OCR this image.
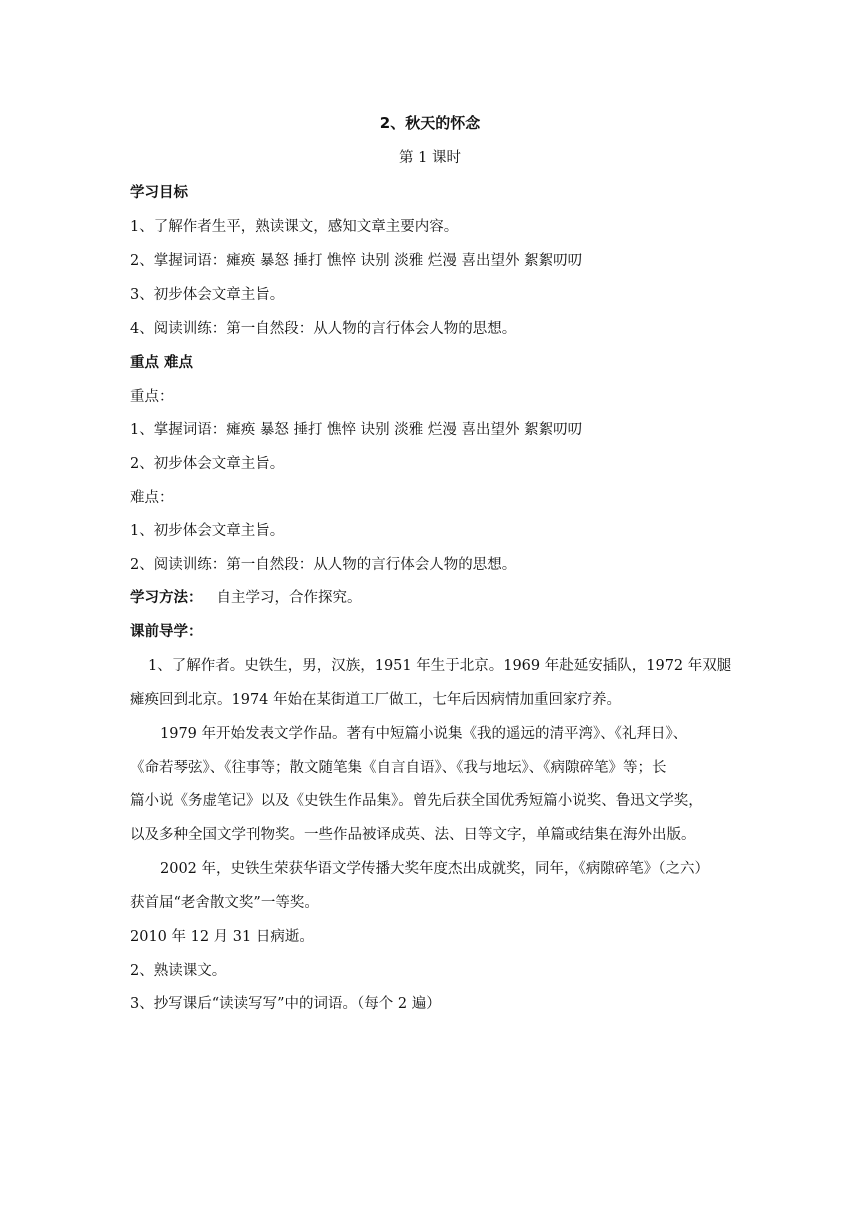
2、秋天的怀念
第 1 课时
学习目标
1、了解作者生平，熟读课文，感知文章主要内容。
2、掌握词语：瘫痪 暴怒 捶打 憔悴 诀别 淡雅 烂漫 喜出望外 絮絮叨叨
3、初步体会文章主旨。
4、阅读训练：第一自然段：从人物的言行体会人物的思想。
重点 难点
重点：
1、掌握词语：瘫痪 暴怒 捶打 憔悴 诀别 淡雅 烂漫 喜出望外 絮絮叨叨
2、初步体会文章主旨。
难点：
1、初步体会文章主旨。
2、阅读训练：第一自然段：从人物的言行体会人物的思想。
学习方法： 自主学习，合作探究。
课前导学：
1、了解作者。史铁生，男，汉族，1951 年生于北京。1969 年赴延安插队，1972 年双腿
瘫痪回到北京。1974 年始在某街道工厂做工，七年后因病情加重回家疗养。
1979 年开始发表文学作品。著有中短篇小说集《我的遥远的清平湾》、《礼拜日》、
《命若琴弦》、《往事等；散文随笔集《自言自语》、《我与地坛》、《病隙碎笔》等；长
篇小说《务虚笔记》以及《史铁生作品集》。曾先后获全国优秀短篇小说奖、鲁迅文学奖，
以及多种全国文学刊物奖。一些作品被译成英、法、日等文字，单篇或结集在海外出版。
2002 年，史铁生荣获华语文学传播大奖年度杰出成就奖，同年，《病隙碎笔》（之六）
获首届“老舍散文奖”一等奖。
2010 年 12 月 31 日病逝。
2、熟读课文。
3、抄写课后“读读写写”中的词语。（每个 2 遍）
